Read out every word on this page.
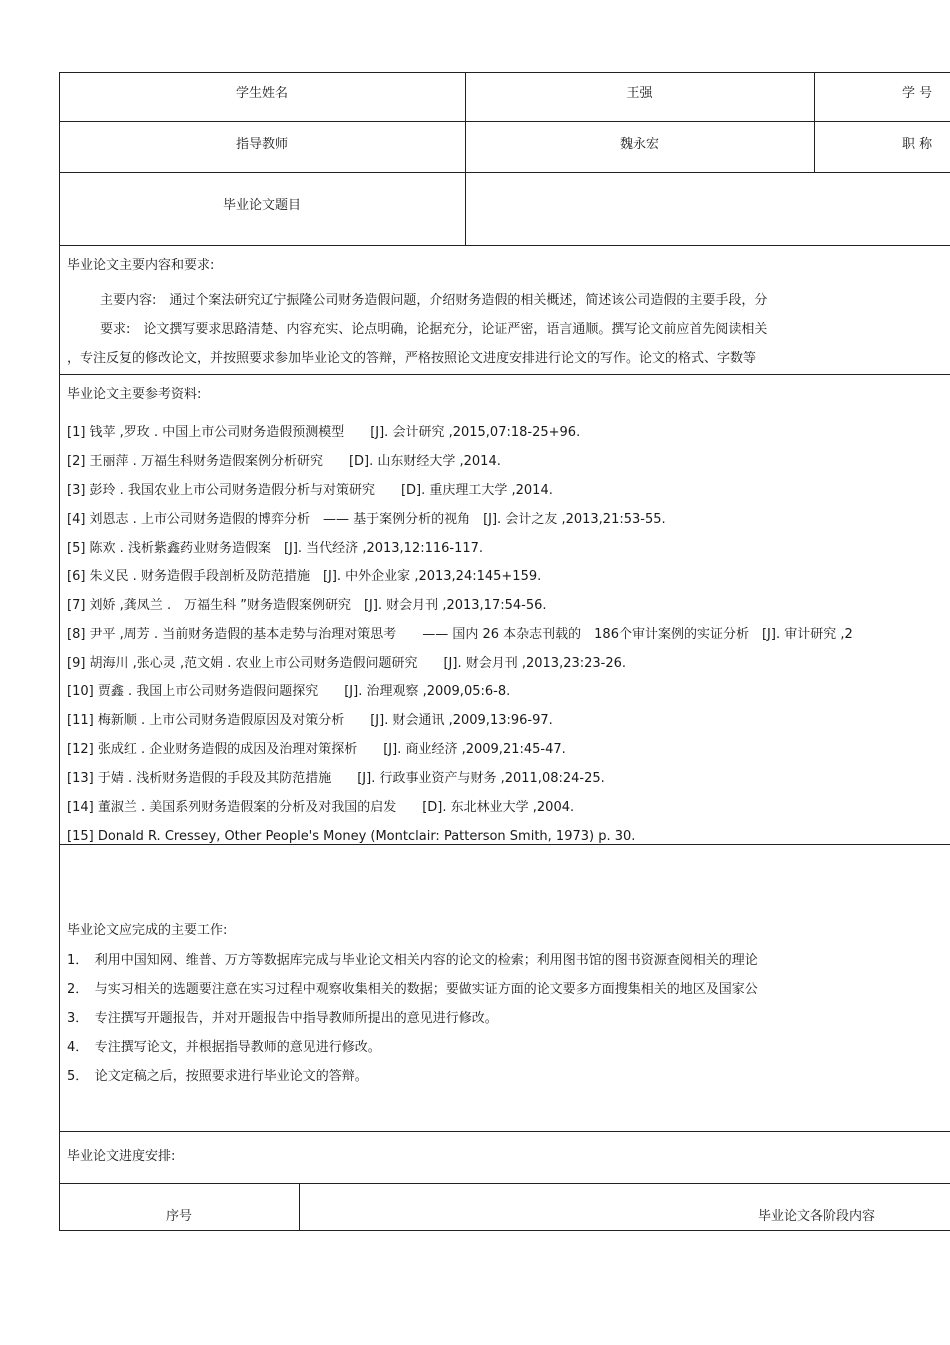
学生姓名	王强	学 号
指导教师	魏永宏	职 称
毕业论文题目
毕业论文主要内容和要求:
主要内容:　通过个案法研究辽宁振隆公司财务造假问题，介绍财务造假的相关概述，简述该公司造假的主要手段，分
要求:　论文撰写要求思路清楚、内容充实、论点明确，论据充分，论证严密，语言通顺。撰写论文前应首先阅读相关
，专注反复的修改论文，并按照要求参加毕业论文的答辩，严格按照论文进度安排进行论文的写作。论文的格式、字数等
毕业论文主要参考资料:
[1] 钱苹 ,罗玫 . 中国上市公司财务造假预测模型　　[J]. 会计研究 ,2015,07:18-25+96.
[2] 王丽萍 . 万福生科财务造假案例分析研究　　[D]. 山东财经大学 ,2014.
[3] 彭玲 . 我国农业上市公司财务造假分析与对策研究　　[D]. 重庆理工大学 ,2014.
[4] 刘恩志 . 上市公司财务造假的博弈分析　—— 基于案例分析的视角　[J]. 会计之友 ,2013,21:53-55.
[5] 陈欢 . 浅析紫鑫药业财务造假案　[J]. 当代经济 ,2013,12:116-117.
[6] 朱义民 . 财务造假手段剖析及防范措施　[J]. 中外企业家 ,2013,24:145+159.
[7] 刘娇 ,龚凤兰 .　万福生科 ”财务造假案例研究　[J]. 财会月刊 ,2013,17:54-56.
[8] 尹平 ,周芳 . 当前财务造假的基本走势与治理对策思考　　—— 国内 26 本杂志刊载的　186个审计案例的实证分析　[J]. 审计研究 ,2
[9] 胡海川 ,张心灵 ,范文娟 . 农业上市公司财务造假问题研究　　[J]. 财会月刊 ,2013,23:23-26.
[10] 贾鑫 . 我国上市公司财务造假问题探究　　[J]. 治理观察 ,2009,05:6-8.
[11] 梅新顺 . 上市公司财务造假原因及对策分析　　[J]. 财会通讯 ,2009,13:96-97.
[12] 张成红 . 企业财务造假的成因及治理对策探析　　[J]. 商业经济 ,2009,21:45-47.
[13] 于婧 . 浅析财务造假的手段及其防范措施　　[J]. 行政事业资产与财务 ,2011,08:24-25.
[14] 董淑兰 . 美国系列财务造假案的分析及对我国的启发　　[D]. 东北林业大学 ,2004.
[15] Donald R. Cressey, Other People's Money (Montclair: Patterson Smith, 1973) p. 30.
毕业论文应完成的主要工作:
1．　利用中国知网、维普、万方等数据库完成与毕业论文相关内容的论文的检索；利用图书馆的图书资源查阅相关的理论
2．　与实习相关的选题要注意在实习过程中观察收集相关的数据；要做实证方面的论文要多方面搜集相关的地区及国家公
3．　专注撰写开题报告，并对开题报告中指导教师所提出的意见进行修改。
4．　专注撰写论文，并根据指导教师的意见进行修改。
5．　论文定稿之后，按照要求进行毕业论文的答辩。
毕业论文进度安排:
序号	毕业论文各阶段内容
